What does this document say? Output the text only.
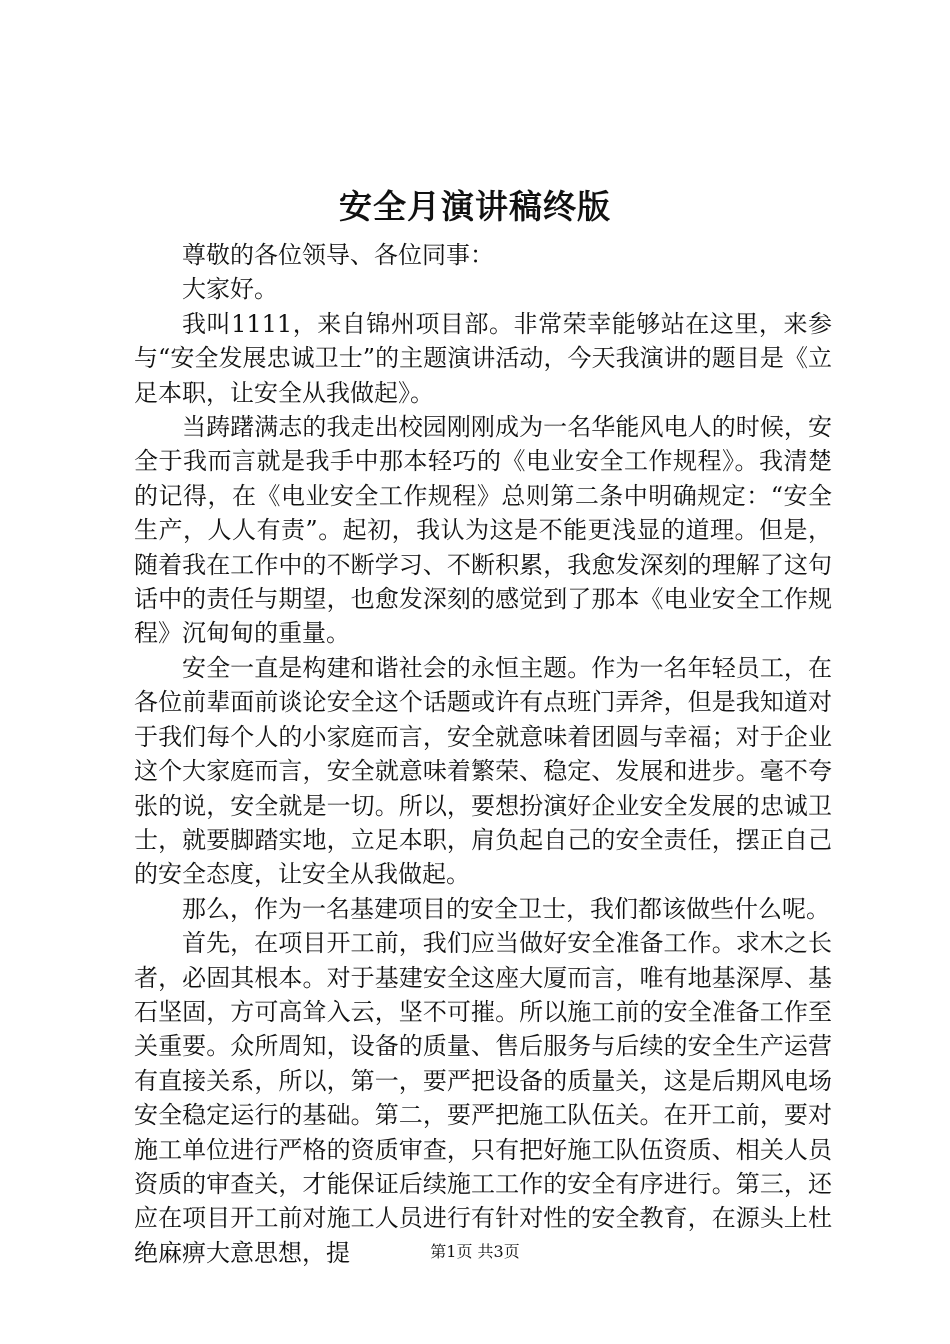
安全月演讲稿终版

尊敬的各位领导、各位同事：

大家好。

我叫1111，来自锦州项目部。非常荣幸能够站在这里，来参与“安全发展忠诚卫士”的主题演讲活动，今天我演讲的题目是《立足本职，让安全从我做起》。

当踌躇满志的我走出校园刚刚成为一名华能风电人的时候，安全于我而言就是我手中那本轻巧的《电业安全工作规程》。我清楚的记得，在《电业安全工作规程》总则第二条中明确规定：“安全生产，人人有责”。起初，我认为这是不能更浅显的道理。但是，随着我在工作中的不断学习、不断积累，我愈发深刻的理解了这句话中的责任与期望，也愈发深刻的感觉到了那本《电业安全工作规程》沉甸甸的重量。

安全一直是构建和谐社会的永恒主题。作为一名年轻员工，在各位前辈面前谈论安全这个话题或许有点班门弄斧，但是我知道对于我们每个人的小家庭而言，安全就意味着团圆与幸福；对于企业这个大家庭而言，安全就意味着繁荣、稳定、发展和进步。毫不夸张的说，安全就是一切。所以，要想扮演好企业安全发展的忠诚卫士，就要脚踏实地，立足本职，肩负起自己的安全责任，摆正自己的安全态度，让安全从我做起。

那么，作为一名基建项目的安全卫士，我们都该做些什么呢。

首先，在项目开工前，我们应当做好安全准备工作。求木之长者，必固其根本。对于基建安全这座大厦而言，唯有地基深厚、基石坚固，方可高耸入云，坚不可摧。所以施工前的安全准备工作至关重要。众所周知，设备的质量、售后服务与后续的安全生产运营有直接关系，所以，第一，要严把设备的质量关，这是后期风电场安全稳定运行的基础。第二，要严把施工队伍关。在开工前，要对施工单位进行严格的资质审查，只有把好施工队伍资质、相关人员资质的审查关，才能保证后续施工工作的安全有序进行。第三，还应在项目开工前对施工人员进行有针对性的安全教育，在源头上杜绝麻痹大意思想，提	第1页 共3页
